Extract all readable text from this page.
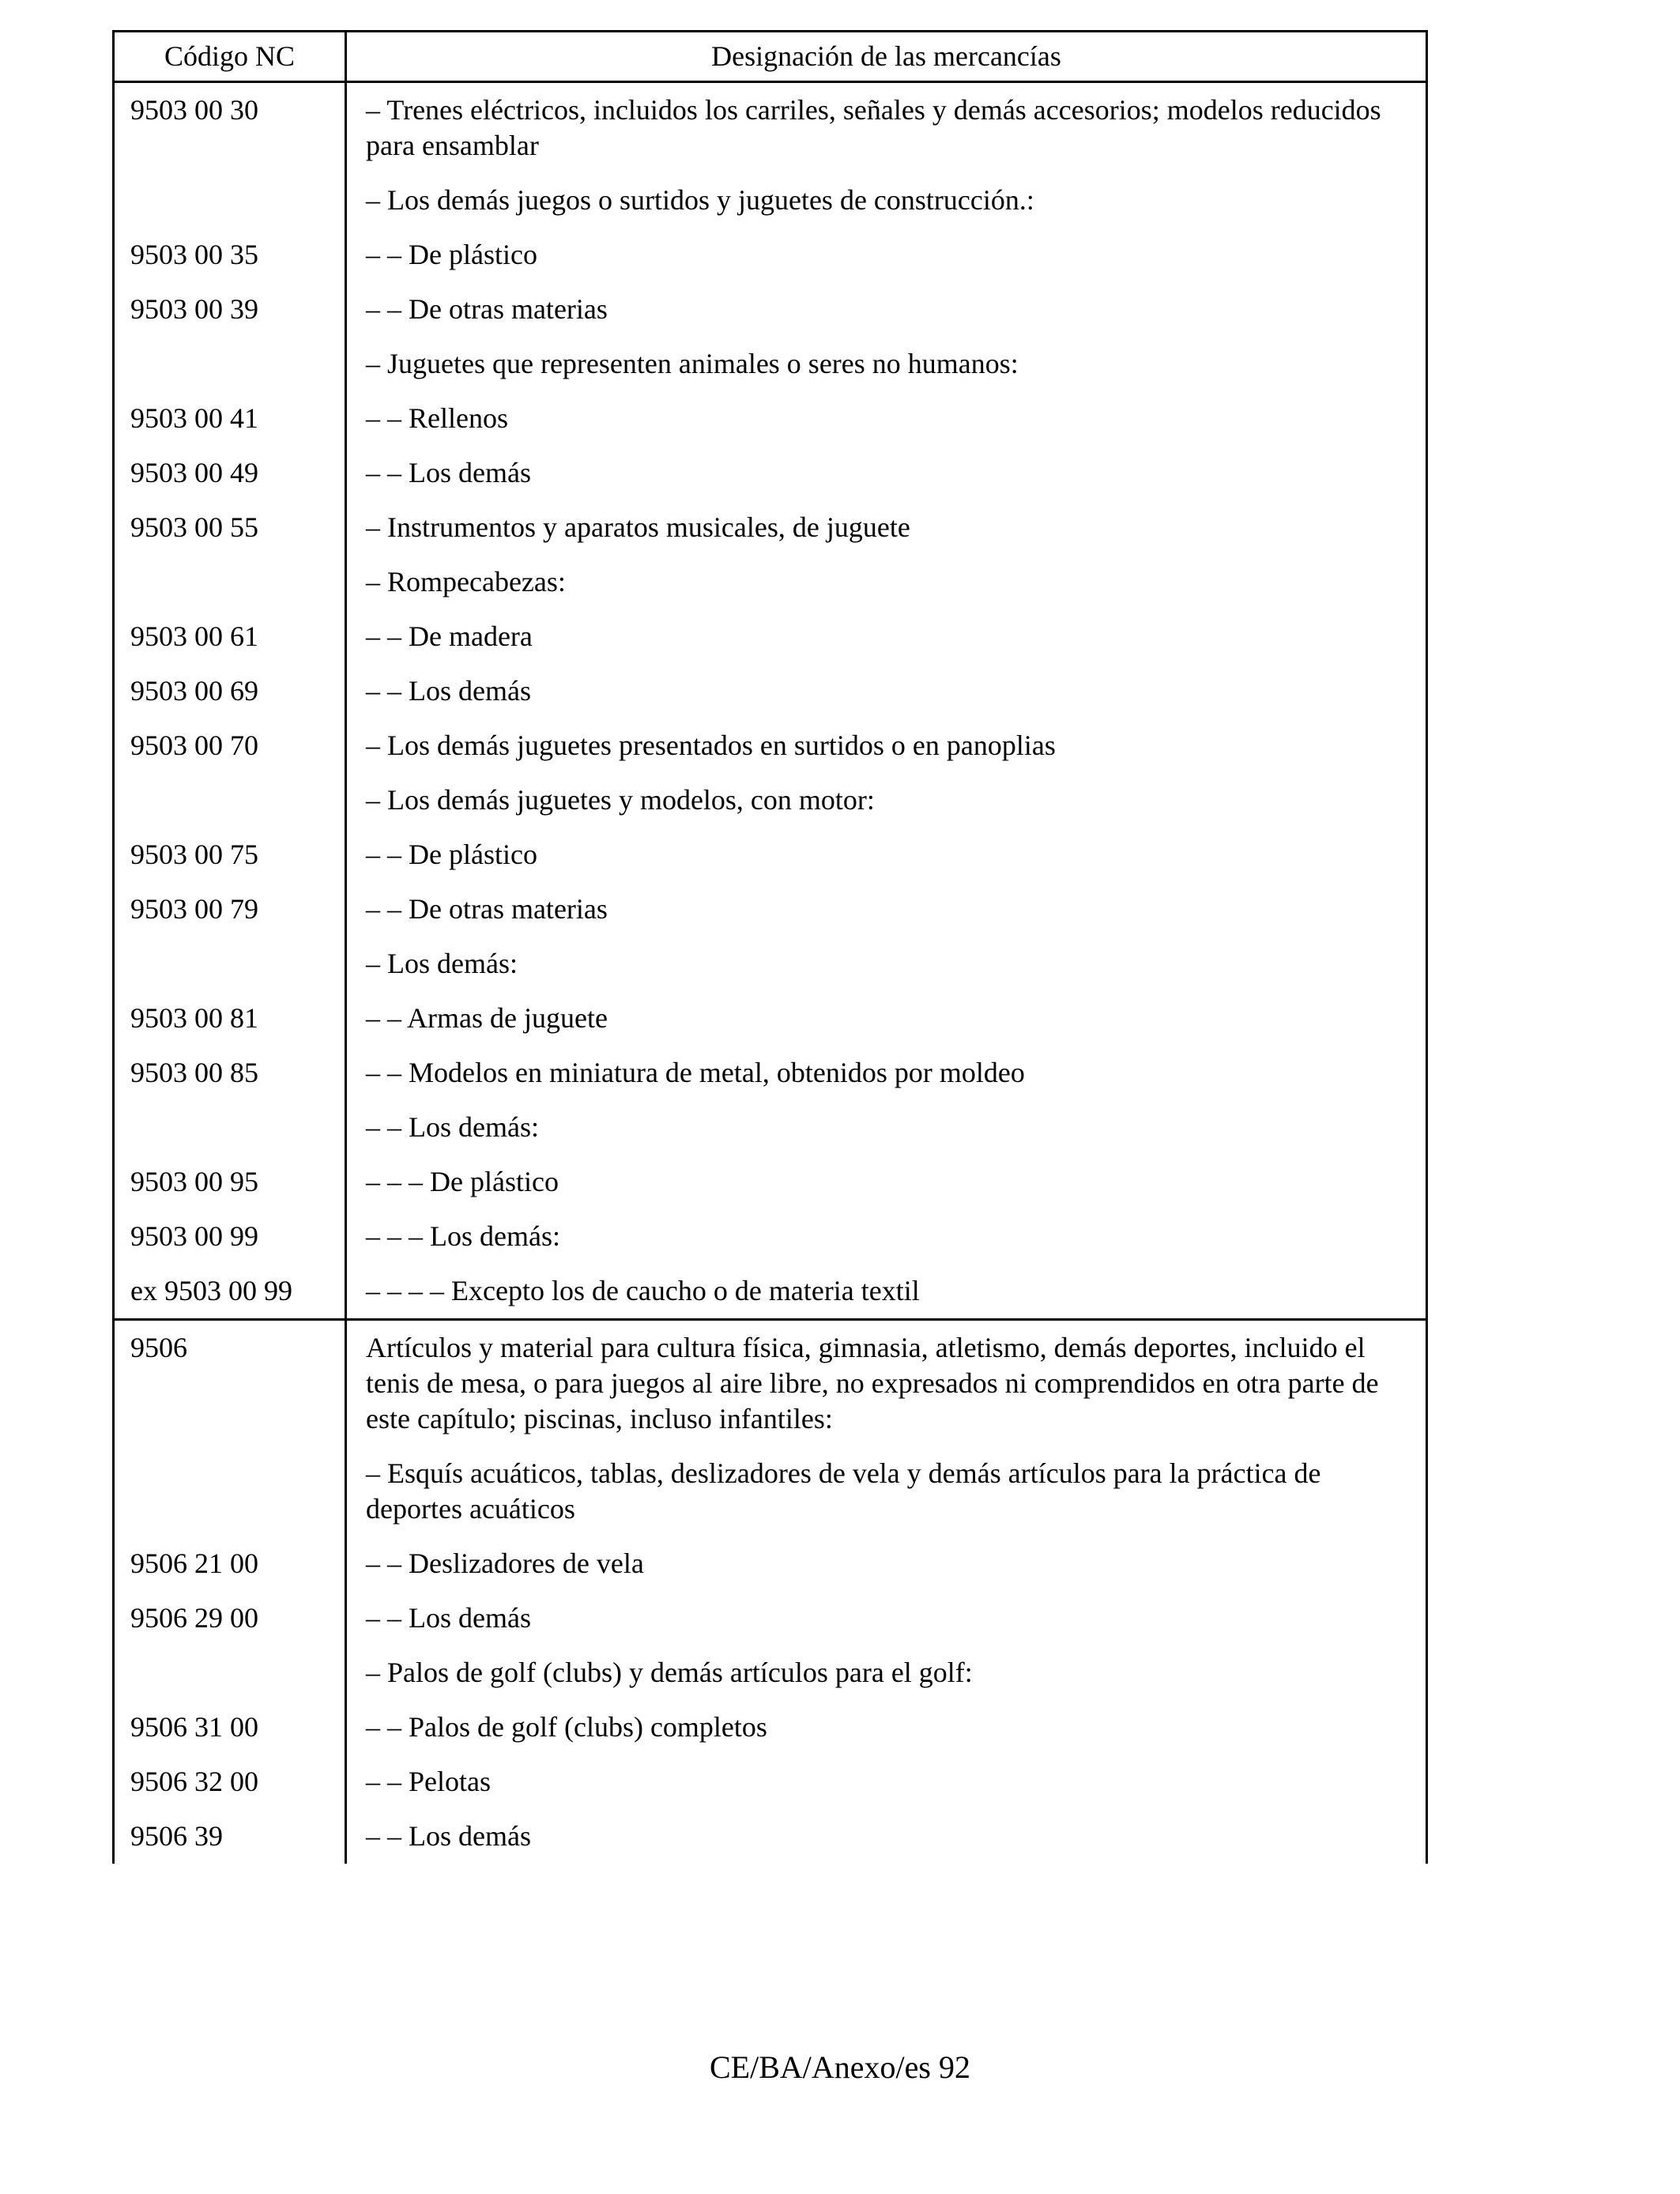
Código NC	Designación de las mercancías
9503 00 30	– Trenes eléctricos, incluidos los carriles, señales y demás accesorios; modelos reducidos para ensamblar
	– Los demás juegos o surtidos y juguetes de construcción.:
9503 00 35	– – De plástico
9503 00 39	– – De otras materias
	– Juguetes que representen animales o seres no humanos:
9503 00 41	– – Rellenos
9503 00 49	– – Los demás
9503 00 55	– Instrumentos y aparatos musicales, de juguete
	– Rompecabezas:
9503 00 61	– – De madera
9503 00 69	– – Los demás
9503 00 70	– Los demás juguetes presentados en surtidos o en panoplias
	– Los demás juguetes y modelos, con motor:
9503 00 75	– – De plástico
9503 00 79	– – De otras materias
	– Los demás:
9503 00 81	– – Armas de juguete
9503 00 85	– – Modelos en miniatura de metal, obtenidos por moldeo
	– – Los demás:
9503 00 95	– – – De plástico
9503 00 99	– – – Los demás:
ex 9503 00 99	– – – – Excepto los de caucho o de materia textil
9506	Artículos y material para cultura física, gimnasia, atletismo, demás deportes, incluido el tenis de mesa, o para juegos al aire libre, no expresados ni comprendidos en otra parte de este capítulo; piscinas, incluso infantiles:
	– Esquís acuáticos, tablas, deslizadores de vela y demás artículos para la práctica de deportes acuáticos
9506 21 00	– – Deslizadores de vela
9506 29 00	– – Los demás
	– Palos de golf (clubs) y demás artículos para el golf:
9506 31 00	– – Palos de golf (clubs) completos
9506 32 00	– – Pelotas
9506 39	– – Los demás
CE/BA/Anexo/es 92
